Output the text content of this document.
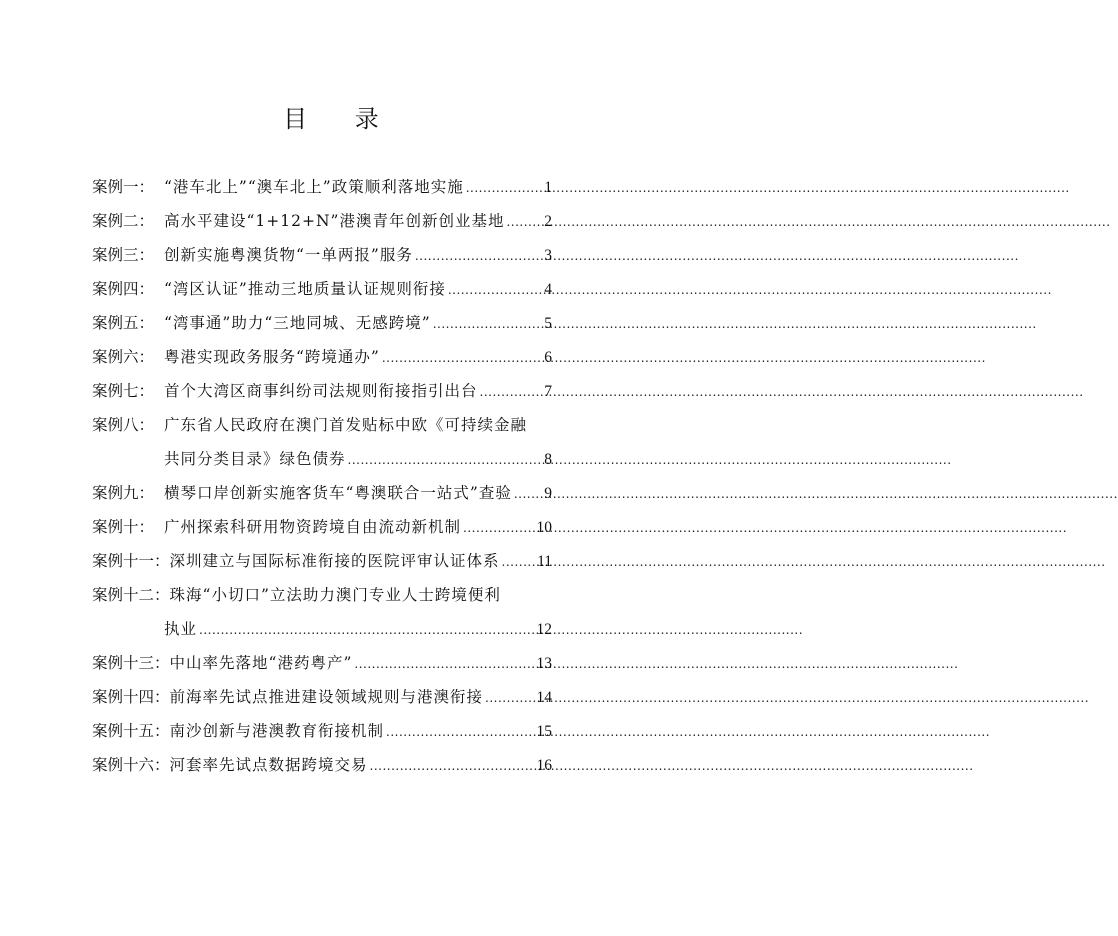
目 录
案例一： “港车北上”“澳车北上”政策顺利落地实施 .....	1
案例二： 高水平建设“1+12+N”港澳青年创新创业基地 .....	2
案例三： 创新实施粤澳货物“一单两报”服务 .....	3
案例四： “湾区认证”推动三地质量认证规则衔接 .....	4
案例五： “湾事通”助力“三地同城、无感跨境” .....	5
案例六： 粤港实现政务服务“跨境通办” .....	6
案例七： 首个大湾区商事纠纷司法规则衔接指引出台 .....	7
案例八： 广东省人民政府在澳门首发贴标中欧《可持续金融
共同分类目录》绿色债券 .....	8
案例九： 横琴口岸创新实施客货车“粤澳联合一站式”查验 ..... 9
案例十： 广州探索科研用物资跨境自由流动新机制 .....	10
案例十一： 深圳建立与国际标准衔接的医院评审认证体系 ..... 11
案例十二： 珠海“小切口”立法助力澳门专业人士跨境便利
执业 .....	12
案例十三： 中山率先落地“港药粤产” .....	13
案例十四： 前海率先试点推进建设领域规则与港澳衔接 .....	14
案例十五： 南沙创新与港澳教育衔接机制 .....	15
案例十六： 河套率先试点数据跨境交易 .....	16
